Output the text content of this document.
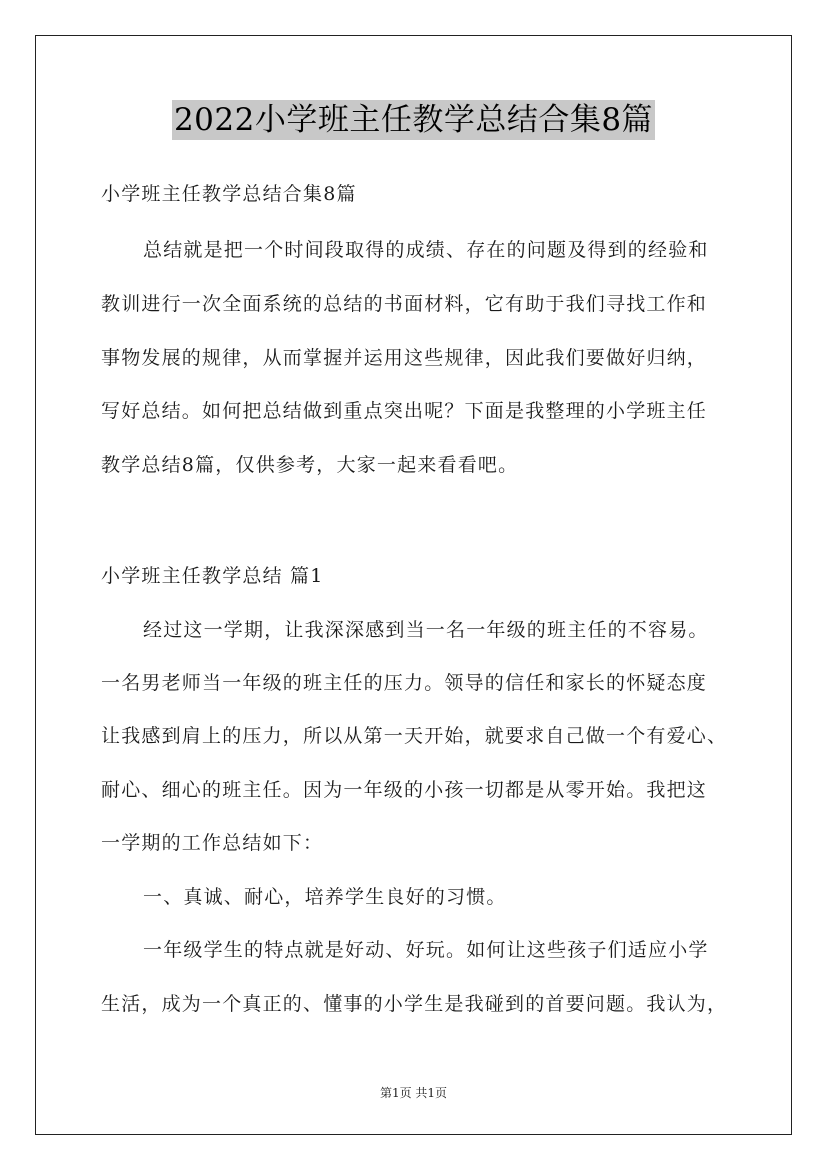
2022小学班主任教学总结合集8篇
小学班主任教学总结合集8篇
总结就是把一个时间段取得的成绩、存在的问题及得到的经验和
教训进行一次全面系统的总结的书面材料，它有助于我们寻找工作和
事物发展的规律，从而掌握并运用这些规律，因此我们要做好归纳，
写好总结。如何把总结做到重点突出呢？下面是我整理的小学班主任
教学总结8篇，仅供参考，大家一起来看看吧。
小学班主任教学总结 篇1
经过这一学期，让我深深感到当一名一年级的班主任的不容易。
一名男老师当一年级的班主任的压力。领导的信任和家长的怀疑态度
让我感到肩上的压力，所以从第一天开始，就要求自己做一个有爱心、
耐心、细心的班主任。因为一年级的小孩一切都是从零开始。我把这
一学期的工作总结如下：
一、真诚、耐心，培养学生良好的习惯。
一年级学生的特点就是好动、好玩。如何让这些孩子们适应小学
生活，成为一个真正的、懂事的小学生是我碰到的首要问题。我认为，
第1页 共1页
